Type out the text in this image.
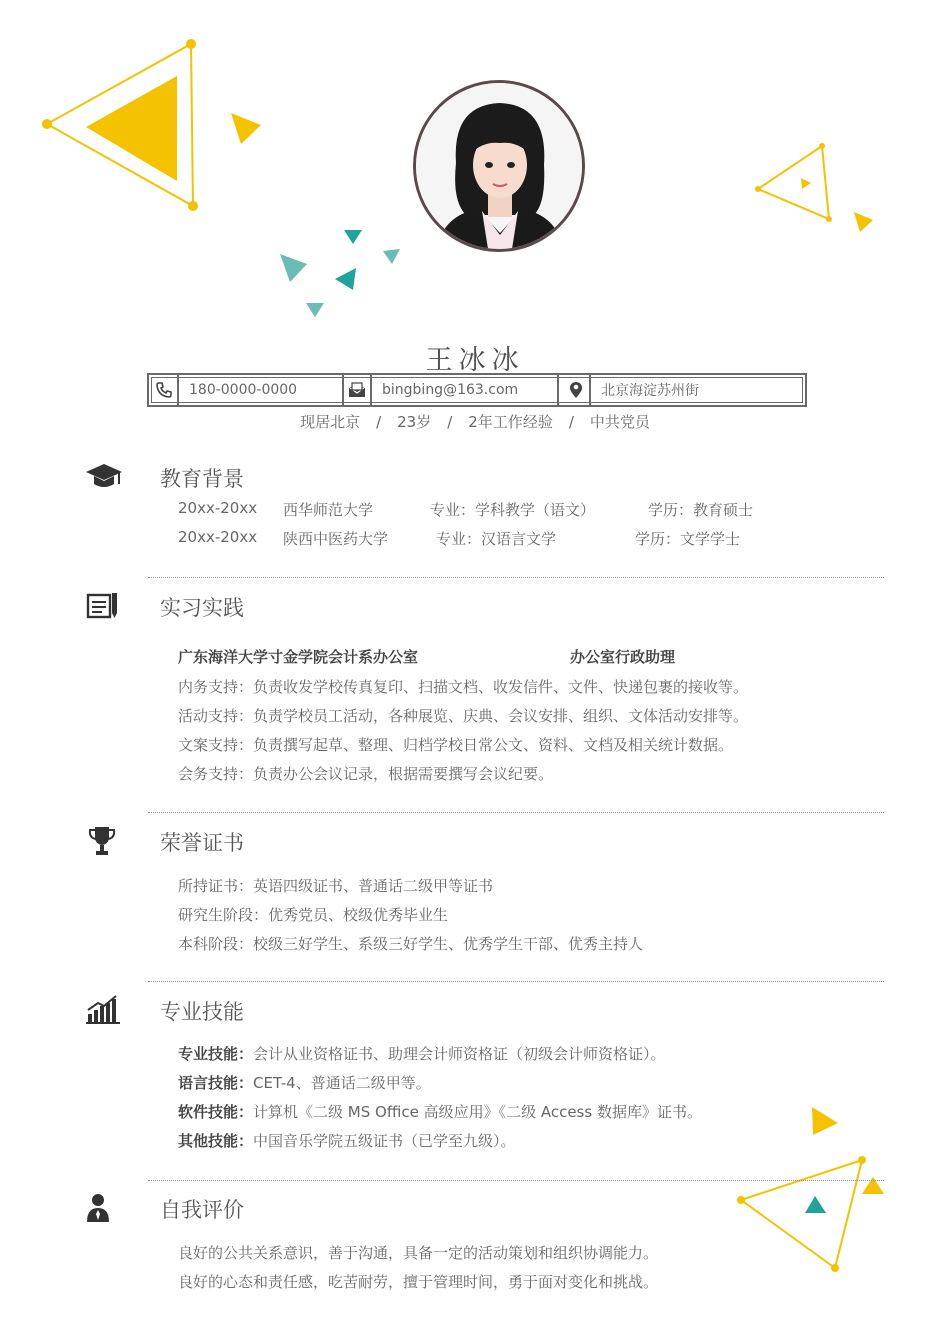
王冰冰
180-0000-0000	bingbing@163.com	北京海淀苏州街
现居北京 / 23岁 / 2年工作经验 / 中共党员
教育背景
20xx-20xx 西华师范大学	专业：学科教学（语文）	学历：教育硕士
20xx-20xx 陕西中医药大学	专业：汉语言文学	学历：文学学士
实习实践
广东海洋大学寸金学院会计系办公室	办公室行政助理
内务支持：负责收发学校传真复印、扫描文档、收发信件、文件、快递包裹的接收等。
活动支持：负责学校员工活动，各种展览、庆典、会议安排、组织、文体活动安排等。
文案支持：负责撰写起草、整理、归档学校日常公文、资料、文档及相关统计数据。
会务支持：负责办公会议记录，根据需要撰写会议纪要。
荣誉证书
所持证书：英语四级证书、普通话二级甲等证书
研究生阶段：优秀党员、校级优秀毕业生
本科阶段：校级三好学生、系级三好学生、优秀学生干部、优秀主持人
专业技能
专业技能：会计从业资格证书、助理会计师资格证（初级会计师资格证）。
语言技能：CET-4、普通话二级甲等。
软件技能：计算机《二级 MS Office 高级应用》《二级 Access 数据库》证书。
其他技能：中国音乐学院五级证书（已学至九级）。
自我评价
良好的公共关系意识，善于沟通，具备一定的活动策划和组织协调能力。
良好的心态和责任感，吃苦耐劳，擅于管理时间，勇于面对变化和挑战。
